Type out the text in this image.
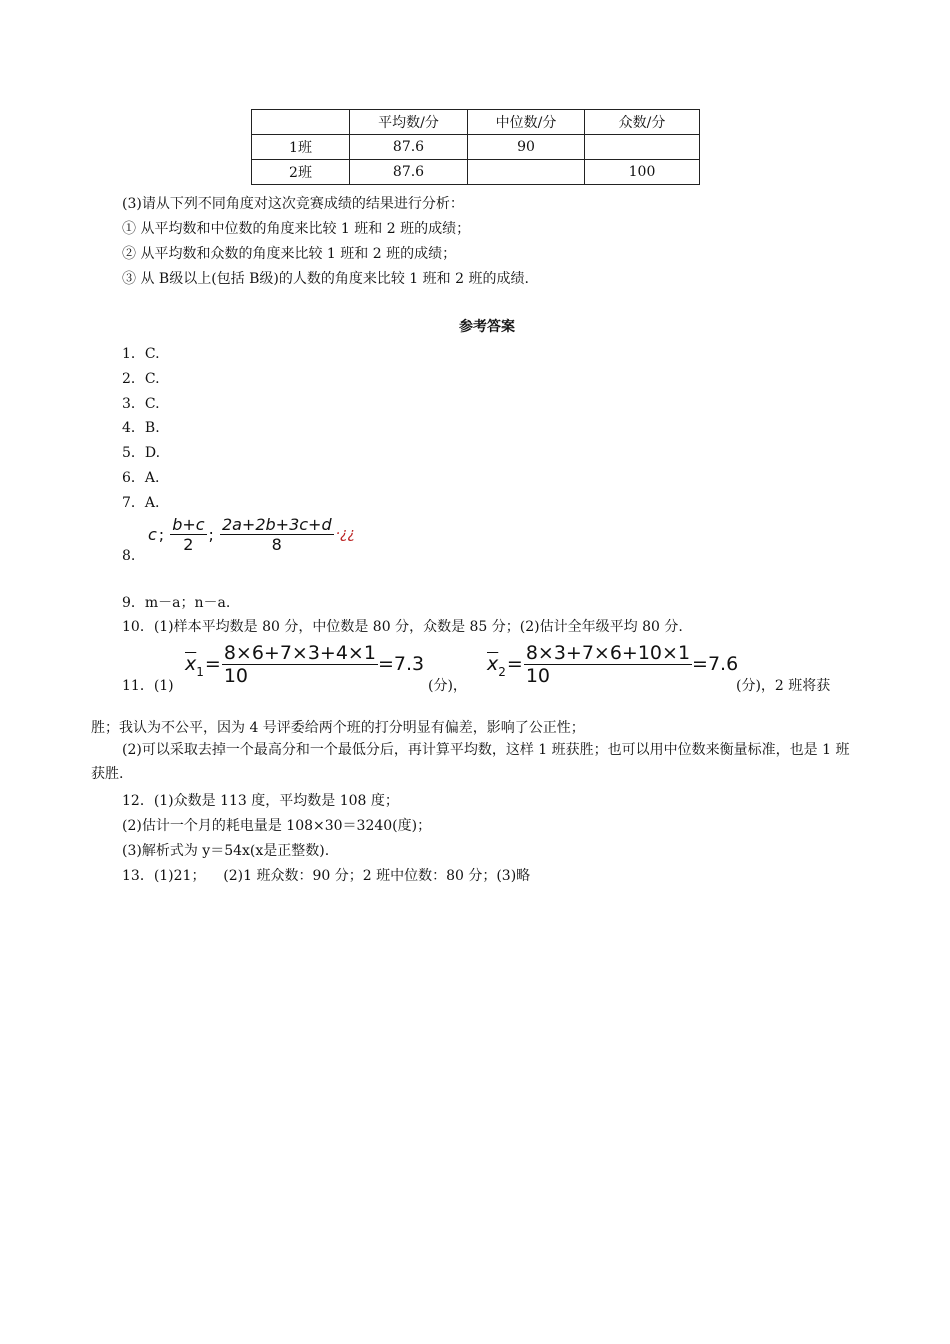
	平均数/分	中位数/分	众数/分
1班	87.6	90	
2班	87.6		100
(3)请从下列不同角度对这次竞赛成绩的结果进行分析：
① 从平均数和中位数的角度来比较 1 班和 2 班的成绩；
② 从平均数和众数的角度来比较 1 班和 2 班的成绩；
③ 从 B级以上(包括 B级)的人数的角度来比较 1 班和 2 班的成绩.
参考答案
1．C.
2．C.
3．C.
4．B.
5．D.
6．A.
7．A.
8.
c ; $\frac{b+c}{2}$ ; $\frac{2a+2b+3c+d}{8}$ ·¿¿
9．m－a；n－a.
10．(1)样本平均数是 80 分，中位数是 80 分，众数是 85 分；(2)估计全年级平均 80 分.
11．(1)
$\overline{x}$ $1 = \frac{8\times 6+7\times 3+4\times 1}{10} =7.3$
(分)，
$\overline{x}$ $2 = \frac{8\times 3+7\times 6+10\times 1}{10} =7.6$
(分)，2 班将获
胜；我认为不公平，因为 4 号评委给两个班的打分明显有偏差，影响了公正性；
(2)可以采取去掉一个最高分和一个最低分后，再计算平均数，这样 1 班获胜；也可以用中位数来衡量标准，也是 1 班获胜.
12．(1)众数是 113 度，平均数是 108 度；
(2)估计一个月的耗电量是 108×30＝3240(度)；
(3)解析式为 y＝54x(x是正整数).
13．(1)21；    (2)1 班众数：90 分；2 班中位数：80 分；(3)略
